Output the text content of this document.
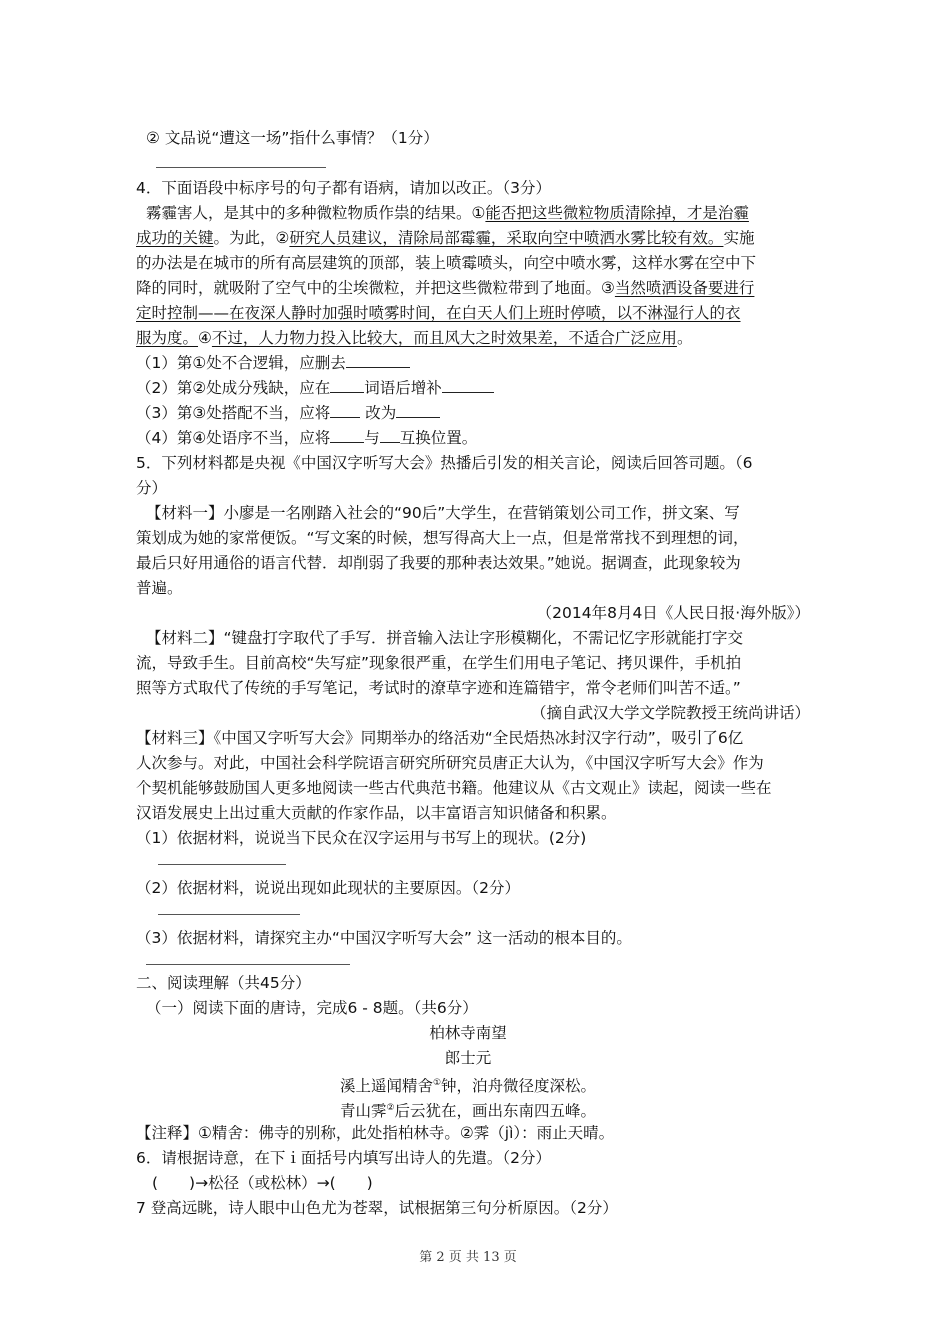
② 文品说“遭这一场”指什么事情？（1分）
4．下面语段中标序号的句子都有语病，请加以改正。（3分）
霧霾害人，是其中的多种微粒物质作祟的结果。①能否把这些微粒物质清除掉，才是治霾
成功的关键。为此，②研究人员建议，清除局部霉霾，采取向空中喷洒水雾比较有效。实施
的办法是在城市的所有高层建筑的顶部，装上喷霉喷头，向空中喷水雾，这样水雾在空中下
降的同时，就吸附了空气中的尘埃微粒，并把这些微粒带到了地面。③当然喷洒设备要进行
定时控制——在夜深人静时加强时喷雾时间，在白天人们上班时停喷，以不淋湿行人的衣
服为度。④不过，人力物力投入比较大，而且风大之时效果差，不适合广泛应用。
（1）第①处不合逻辑，应删去
（2）第②处成分残缺，应在 词语后增补
（3）第③处搭配不当，应将 改为
（4）第④处语序不当，应将 与 互换位置。
5．下列材料都是央视《中国汉字听写大会》热播后引发的相关言论，阅读后回答司题。（6
分）
【材料一】小廖是一名刚踏入社会的“90后”大学生，在营销策划公司工作，拼文案、写
策划成为她的家常便饭。“写文案的时候，想写得高大上一点，但是常常找不到理想的词，
最后只好用通俗的语言代替．却削弱了我要的那种表达效果。”她说。据调查，此现象较为
普遍。
（2014年8月4日《人民日报·海外版》）
【材料二】“键盘打字取代了手写．拼音输入法让字形模糊化，不需记忆字形就能打字交
流，导致手生。目前高校“失写症”现象很严重，在学生们用电子笔记、拷贝课件，手机拍
照等方式取代了传统的手写笔记，考试时的潦草字迹和连篇错宇，常令老师们叫苦不适。”
（摘自武汉大学文学院教授王统尚讲话）
【材料三】《中国又字听写大会》同期举办的络活劝“全民焐热冰封汉字行动”，吸引了6亿
人次参与。对此，中国社会科学院语言研究所研究员唐正大认为，《中国汉字听写大会》作为
个契机能够鼓励国人更多地阅读一些古代典范书籍。他建议从《古文观止》读起，阅读一些在
汉语发展史上出过重大贡献的作家作品，以丰富语言知识储备和积累。
（1）依据材料，说说当下民众在汉字运用与书写上的现状。(2分)
（2）依据材料，说说出现如此现状的主要原因。（2分）
（3）依据材料，请探究主办“中国汉字听写大会” 这一活动的根本目的。
二、阅读理解（共45分）
（一）阅读下面的唐诗，完成6 - 8题。（共6分）
柏林寺南望
郎士元
溪上遥闻精舍①钟，泊舟微径度深松。
青山霁②后云犹在，画出东南四五峰。
【注释】①精舍：佛寺的别称，此处指柏林寺。②霁（jì）：雨止天晴。
6．请根据诗意，在下ｉ面括号内填写出诗人的先遣。（2分）
(　　)→松径（或松林）→(　　)
7 登高远眺，诗人眼中山色尤为苍翠，试根据第三句分析原因。（2分）
第 2 页 共 13 页
